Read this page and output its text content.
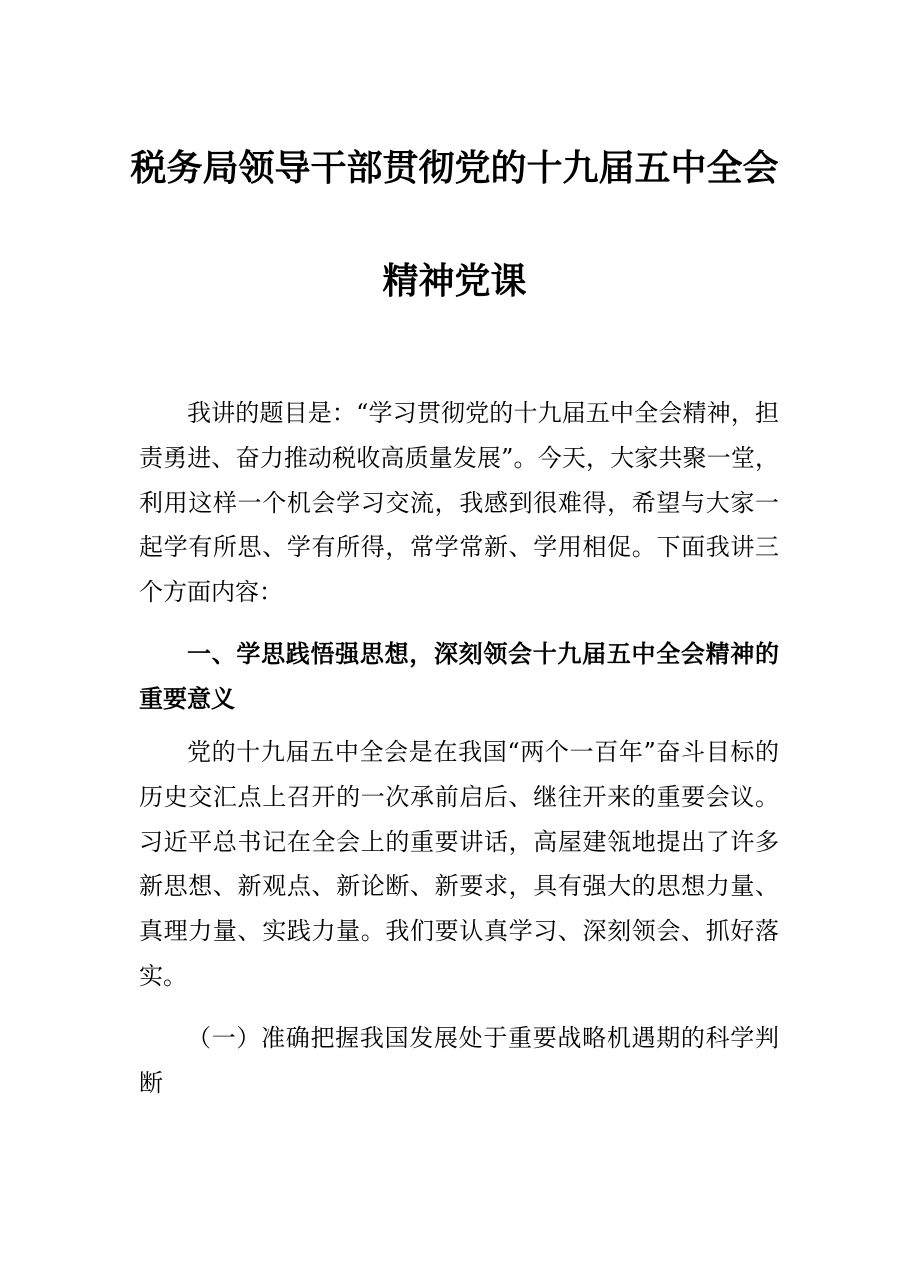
税务局领导干部贯彻党的十九届五中全会
精神党课
我讲的题目是：“学习贯彻党的十九届五中全会精神，担责勇进、奋力推动税收高质量发展”。今天，大家共聚一堂，利用这样一个机会学习交流，我感到很难得，希望与大家一起学有所思、学有所得，常学常新、学用相促。下面我讲三个方面内容：
一、学思践悟强思想，深刻领会十九届五中全会精神的重要意义
党的十九届五中全会是在我国“两个一百年”奋斗目标的历史交汇点上召开的一次承前启后、继往开来的重要会议。习近平总书记在全会上的重要讲话，高屋建瓴地提出了许多新思想、新观点、新论断、新要求，具有强大的思想力量、真理力量、实践力量。我们要认真学习、深刻领会、抓好落实。
（一）准确把握我国发展处于重要战略机遇期的科学判断
